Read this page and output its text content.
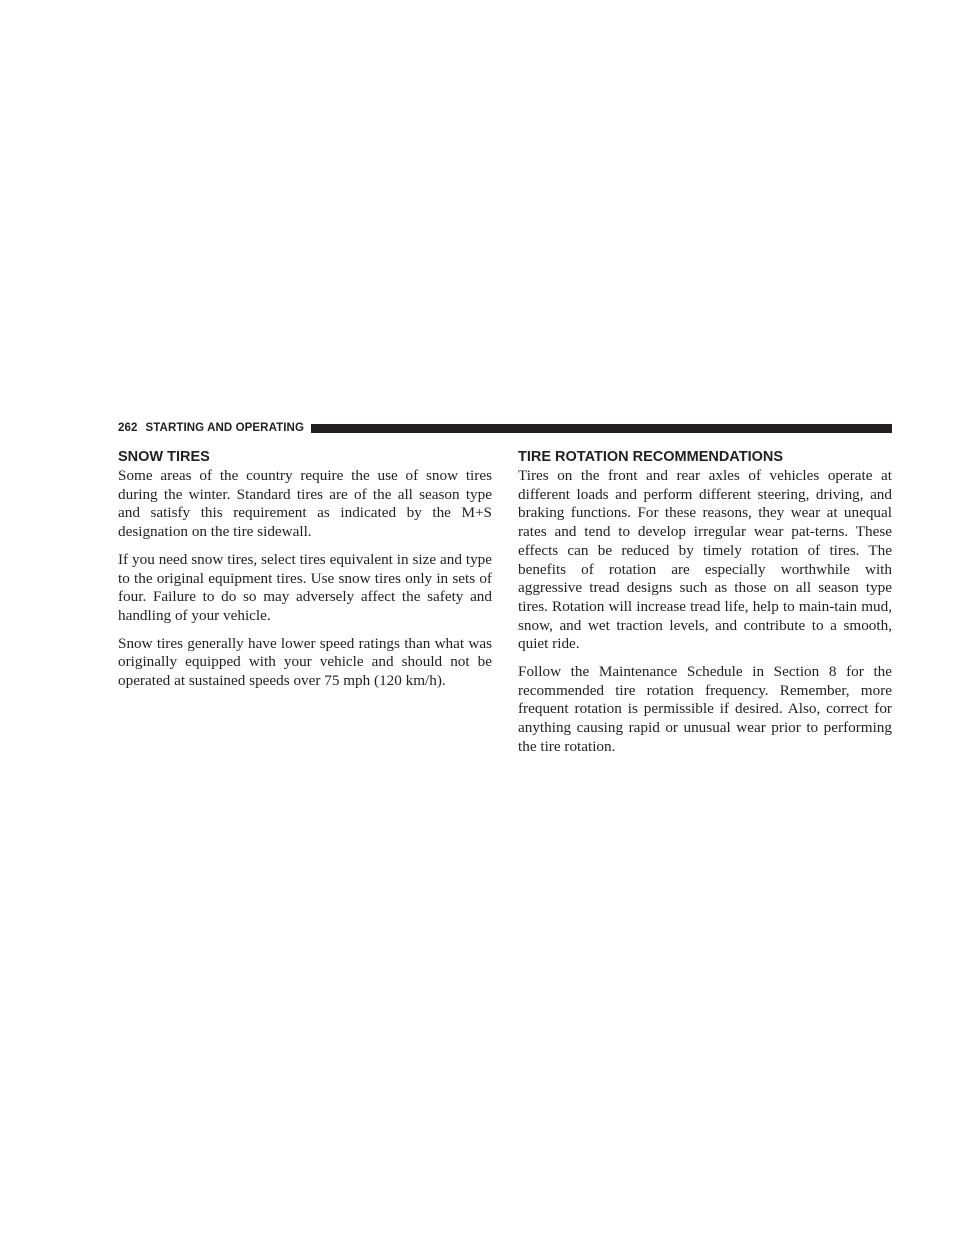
262 STARTING AND OPERATING
SNOW TIRES

Some areas of the country require the use of snow tires during the winter. Standard tires are of the all season type and satisfy this requirement as indicated by the M+S designation on the tire sidewall.

If you need snow tires, select tires equivalent in size and type to the original equipment tires. Use snow tires only in sets of four. Failure to do so may adversely affect the safety and handling of your vehicle.

Snow tires generally have lower speed ratings than what was originally equipped with your vehicle and should not be operated at sustained speeds over 75 mph (120 km/h).

TIRE ROTATION RECOMMENDATIONS

Tires on the front and rear axles of vehicles operate at different loads and perform different steering, driving, and braking functions. For these reasons, they wear at unequal rates and tend to develop irregular wear pat-terns. These effects can be reduced by timely rotation of tires. The benefits of rotation are especially worthwhile with aggressive tread designs such as those on all season type tires. Rotation will increase tread life, help to main-tain mud, snow, and wet traction levels, and contribute to a smooth, quiet ride.

Follow the Maintenance Schedule in Section 8 for the recommended tire rotation frequency. Remember, more frequent rotation is permissible if desired. Also, correct for anything causing rapid or unusual wear prior to performing the tire rotation.
